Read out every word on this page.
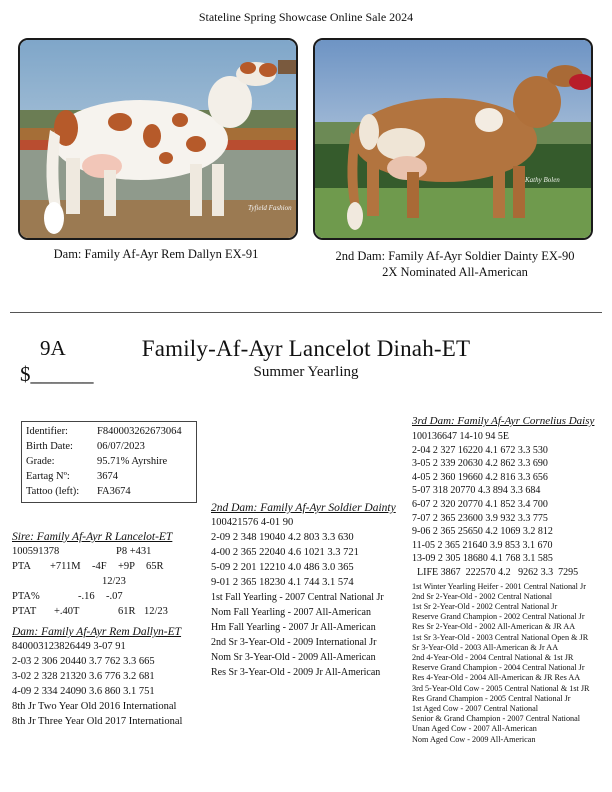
Stateline Spring Showcase Online Sale 2024
Tyfield Fashion
Kathy Bolen
Dam: Family Af-Ayr Rem Dallyn EX-91	2nd Dam: Family Af-Ayr Soldier Dainty EX-90
2X Nominated All-American
9A
$______
Family-Af-Ayr Lancelot Dinah-ET
Summer Yearling
Identifier:	F840003262673064
Birth Date:	06/07/2023
Grade:	95.71% Ayrshire
Eartag Nº:	3674
Tattoo (left):	FA3674
Sire: Family Af-Ayr R Lancelot-ET
100591378	P8 +431
PTA	+711M	-4F	+9P	65R
12/23
PTA%	-.16	-.07
PTAT	+.40T	61R 12/23
Dam: Family Af-Ayr Rem Dallyn-ET
840003123826449 3-07 91
2-03 2 306 20440 3.7 762 3.3 665
3-02 2 328 21320 3.6 776 3.2 681
4-09 2 334 24090 3.6 860 3.1 751
8th Jr Two Year Old 2016 International
8th Jr Three Year Old 2017 International
2nd Dam: Family Af-Ayr Soldier Dainty
100421576 4-01 90
2-09 2 348 19040 4.2 803 3.3 630
4-00 2 365 22040 4.6 1021 3.3 721
5-09 2 201 12210 4.0 486 3.0 365
9-01 2 365 18230 4.1 744 3.1 574
1st Fall Yearling - 2007 Central National Jr
Nom Fall Yearling - 2007 All-American
Hm Fall Yearling - 2007 Jr All-American
2nd Sr 3-Year-Old - 2009 International Jr
Nom Sr 3-Year-Old - 2009 All-American
Res Sr 3-Year-Old - 2009 Jr All-American
3rd Dam: Family Af-Ayr Cornelius Daisy
100136647 14-10 94 5E
2-04 2 327 16220 4.1 672 3.3 530
3-05 2 339 20630 4.2 862 3.3 690
4-05 2 360 19660 4.2 816 3.3 656
5-07 318 20770 4.3 894 3.3 684
6-07 2 320 20770 4.1 852 3.4 700
7-07 2 365 23600 3.9 932 3.3 775
9-06 2 365 25650 4.2 1069 3.2 812
11-05 2 365 21640 3.9 853 3.1 670
13-09 2 305 18680 4.1 768 3.1 585
LIFE 3867  222570 4.2   9262 3.3  7295
1st Winter Yearling Heifer - 2001 Central National Jr
2nd Sr 2-Year-Old - 2002 Central National
1st Sr 2-Year-Old - 2002 Central National Jr
Reserve Grand Champion - 2002 Central National Jr
Res Sr 2-Year-Old - 2002 All-American & JR AA
1st Sr 3-Year-Old - 2003 Central National Open & JR
Sr 3-Year-Old - 2003 All-American & Jr AA
2nd 4-Year-Old - 2004 Central National & 1st JR
Reserve Grand Champion - 2004 Central National Jr
Res 4-Year-Old - 2004 All-American & JR Res AA
3rd 5-Year-Old Cow - 2005 Central National & 1st JR
Res Grand Champion - 2005 Central National Jr
1st Aged Cow - 2007 Central National
Senior & Grand Champion - 2007 Central National
Unan Aged Cow - 2007 All-American
Nom Aged Cow - 2009 All-American
